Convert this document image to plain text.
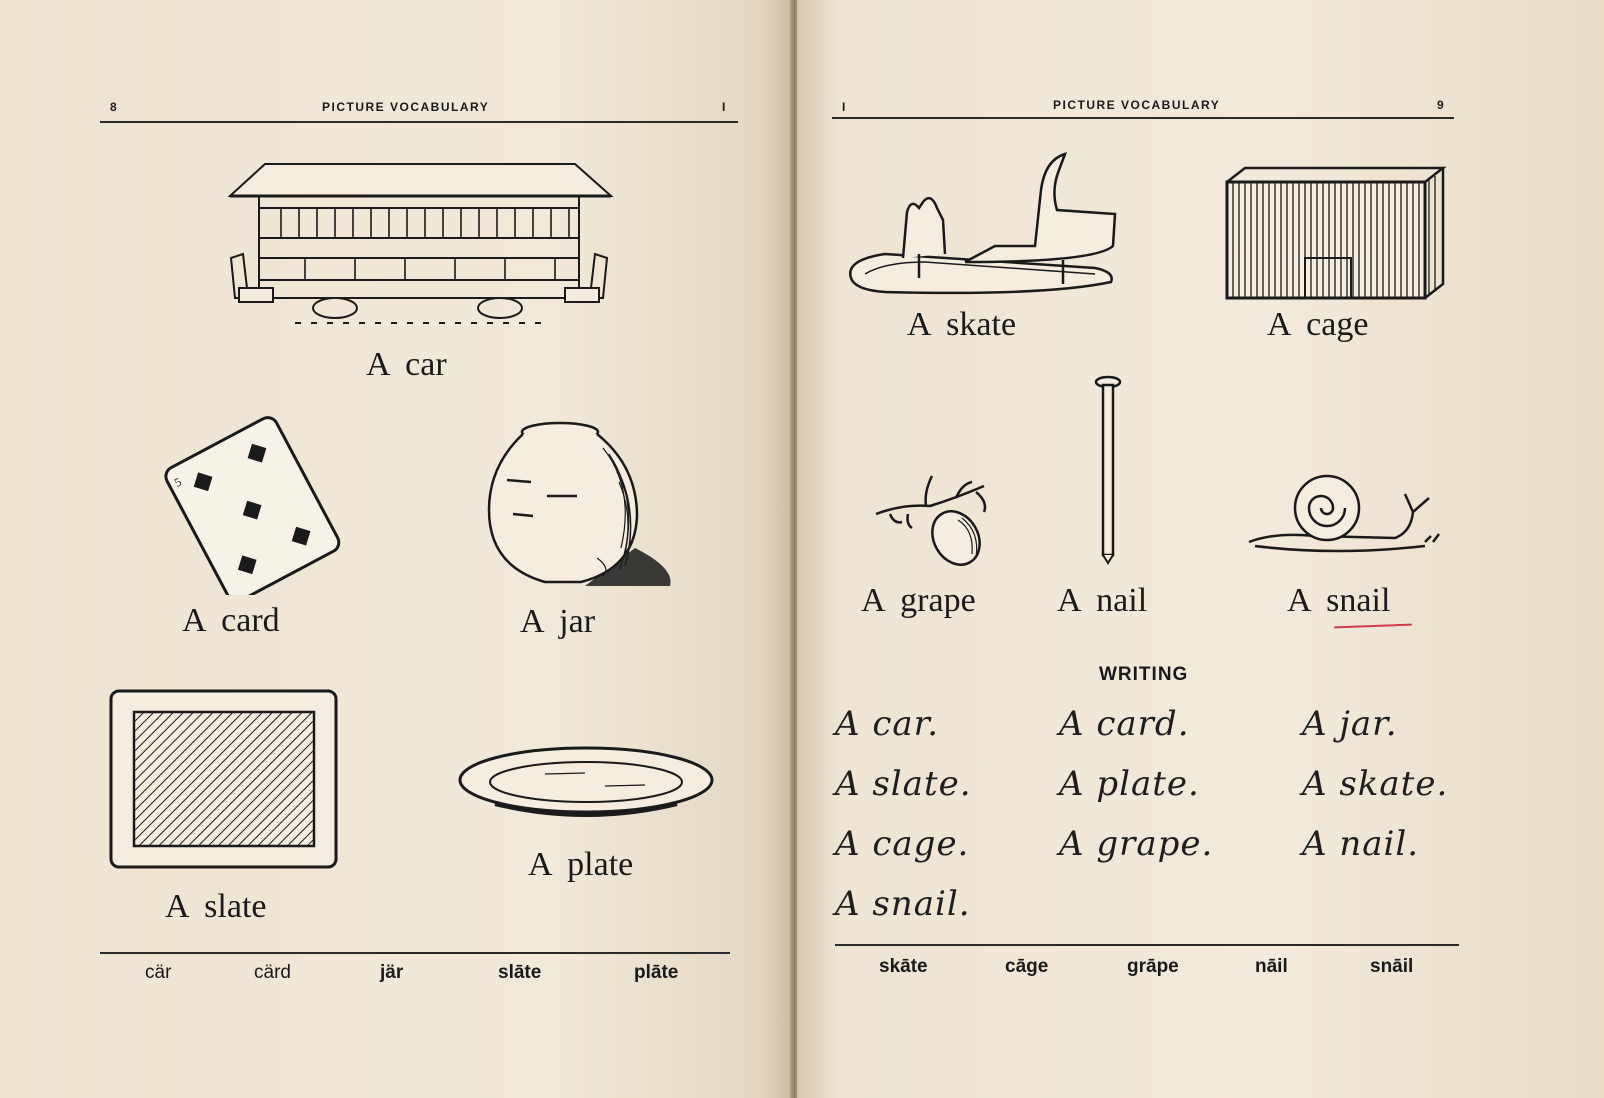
8	PICTURE VOCABULARY	I
A car
5
A card	A jar
A slate
A plate
cär	cärd	jär	slāte	plāte
I	PICTURE VOCABULARY	9
A skate	A cage
A grape A nail	A snail
WRITING
A car.	A card.	A jar.
A slate.	A plate.	A skate.
A cage.	A grape.	A nail.
A snail.
skāte	cāge	grāpe	nāil	snāil
